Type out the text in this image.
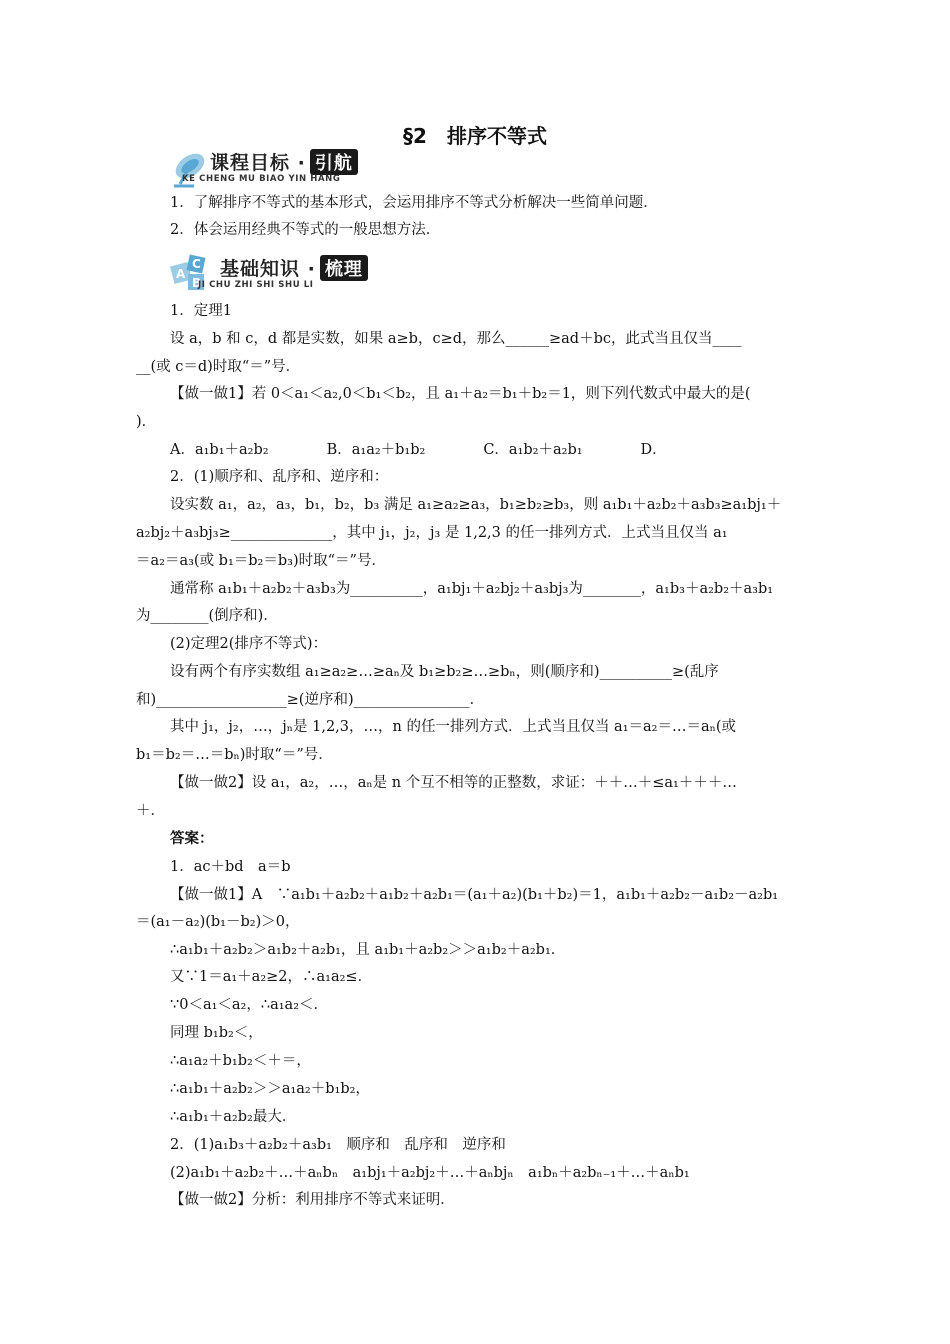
§2　排序不等式
课程目标 · 引航
KE CHENG MU BIAO YIN HANG
C
A
B
基础知识 · 梳理
JI CHU ZHI SHI SHU LI
1．了解排序不等式的基本形式，会运用排序不等式分析解决一些简单问题．
2．体会运用经典不等式的一般思想方法．
1．定理1
设 a，b 和 c，d 都是实数，如果 a≥b，c≥d，那么______≥ad＋bc，此式当且仅当____
__(或 c＝d)时取“＝”号．
【做一做1】若 0＜a₁＜a₂,0＜b₁＜b₂，且 a₁＋a₂＝b₁＋b₂＝1，则下列代数式中最大的是(
)．
A．a₁b₁＋a₂b₂　　　　B．a₁a₂＋b₁b₂　　　　C．a₁b₂＋a₂b₁　　　　D．
2．(1)顺序和、乱序和、逆序和：
设实数 a₁，a₂，a₃，b₁，b₂，b₃ 满足 a₁≥a₂≥a₃，b₁≥b₂≥b₃，则 a₁b₁＋a₂b₂＋a₃b₃≥a₁bj₁＋
a₂bj₂＋a₃bj₃≥______________，其中 j₁，j₂，j₃ 是 1,2,3 的任一排列方式．上式当且仅当 a₁
＝a₂＝a₃(或 b₁＝b₂＝b₃)时取“＝”号．
通常称 a₁b₁＋a₂b₂＋a₃b₃为__________，a₁bj₁＋a₂bj₂＋a₃bj₃为________，a₁b₃＋a₂b₂＋a₃b₁
为________(倒序和)．
(2)定理2(排序不等式)：
设有两个有序实数组 a₁≥a₂≥…≥aₙ及 b₁≥b₂≥…≥bₙ，则(顺序和)__________≥(乱序
和)__________________≥(逆序和)________________．
其中 j₁，j₂，…，jₙ是 1,2,3，…，n 的任一排列方式．上式当且仅当 a₁＝a₂＝…＝aₙ(或
b₁＝b₂＝…＝bₙ)时取“＝”号．
【做一做2】设 a₁，a₂，…，aₙ是 n 个互不相等的正整数，求证：＋＋…＋≤a₁＋＋＋…
＋．
答案：
1．ac＋bd　a＝b
【做一做1】A　∵a₁b₁＋a₂b₂＋a₁b₂＋a₂b₁＝(a₁＋a₂)(b₁＋b₂)＝1，a₁b₁＋a₂b₂－a₁b₂－a₂b₁
＝(a₁－a₂)(b₁－b₂)＞0，
∴a₁b₁＋a₂b₂＞a₁b₂＋a₂b₁，且 a₁b₁＋a₂b₂＞＞a₁b₂＋a₂b₁．
又∵1＝a₁＋a₂≥2，∴a₁a₂≤．
∵0＜a₁＜a₂，∴a₁a₂＜．
同理 b₁b₂＜，
∴a₁a₂＋b₁b₂＜＋＝，
∴a₁b₁＋a₂b₂＞＞a₁a₂＋b₁b₂，
∴a₁b₁＋a₂b₂最大．
2．(1)a₁b₃＋a₂b₂＋a₃b₁　顺序和　乱序和　逆序和
(2)a₁b₁＋a₂b₂＋…＋aₙbₙ　a₁bj₁＋a₂bj₂＋…＋aₙbjₙ　a₁bₙ＋a₂bₙ₋₁＋…＋aₙb₁
【做一做2】分析：利用排序不等式来证明．
